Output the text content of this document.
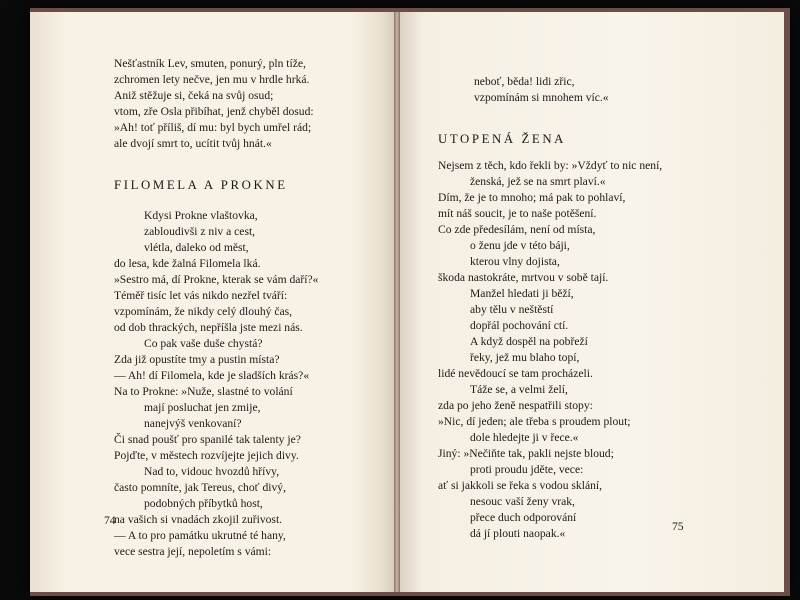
Nešťastník Lev, smuten, ponurý, pln tíže,
zchromen lety nečve, jen mu v hrdle hrká.
Aniž stěžuje si, čeká na svůj osud;
vtom, zře Osla přibíhat, jenž chyběl dosud:
»Ah! toť příliš, dí mu: byl bych umřel rád;
ale dvojí smrt to, ucítit tvůj hnát.«
FILOMELA A PROKNE
Kdysi Prokne vlaštovka,
zabloudivši z niv a cest,
vlétla, daleko od měst,
do lesa, kde žalná Filomela lká.
»Sestro má, dí Prokne, kterak se vám daří?«
Téměř tisíc let vás nikdo nezřel tváří:
vzpomínám, že nikdy celý dlouhý čas,
od dob thrackých, nepříšla jste mezi nás.
Co pak vaše duše chystá?
Zda již opustíte tmy a pustin místa?
— Ah! dí Filomela, kde je sladších krás?«
Na to Prokne: »Nuže, slastné to volání
mají posluchat jen zmije,
nanejvýš venkovaní?
Či snad poušť pro spanilé tak talenty je?
Pojďte, v městech rozvíjejte jejich divy.
Nad to, vidouc hvozdů hřívy,
často pomníte, jak Tereus, choť divý,
podobných příbytků host,
na vašich si vnadách zkojil zuřivost.
— A to pro památku ukrutné té hany,
vece sestra její, nepoletím s vámi:
74
neboť, běda! lidi zřic,
vzpomínám si mnohem víc.«
UTOPENÁ ŽENA
Nejsem z těch, kdo řekli by: »Vždyť to nic není,
ženská, jež se na smrt plaví.«
Dím, že je to mnoho; má pak to pohlaví,
mít náš soucit, je to naše potěšení.
Co zde předesílám, není od místa,
o ženu jde v této báji,
kterou vlny dojista,
škoda nastokráte, mrtvou v sobě tají.
Manžel hledati ji běží,
aby tělu v neštěstí
dopřál pochování ctí.
A když dospěl na pobřeží
řeky, jež mu blaho topí,
lidé nevědoucí se tam procházeli.
Táže se, a velmi želí,
zda po jeho ženě nespatřili stopy:
»Nic, dí jeden; ale třeba s proudem plout;
dole hledejte ji v řece.«
Jiný: »Nečiňte tak, pakli nejste bloud;
proti proudu jděte, vece:
ať si jakkoli se řeka s vodou sklání,
nesouc vaší ženy vrak,
přece duch odporování
dá jí plouti naopak.«
75
